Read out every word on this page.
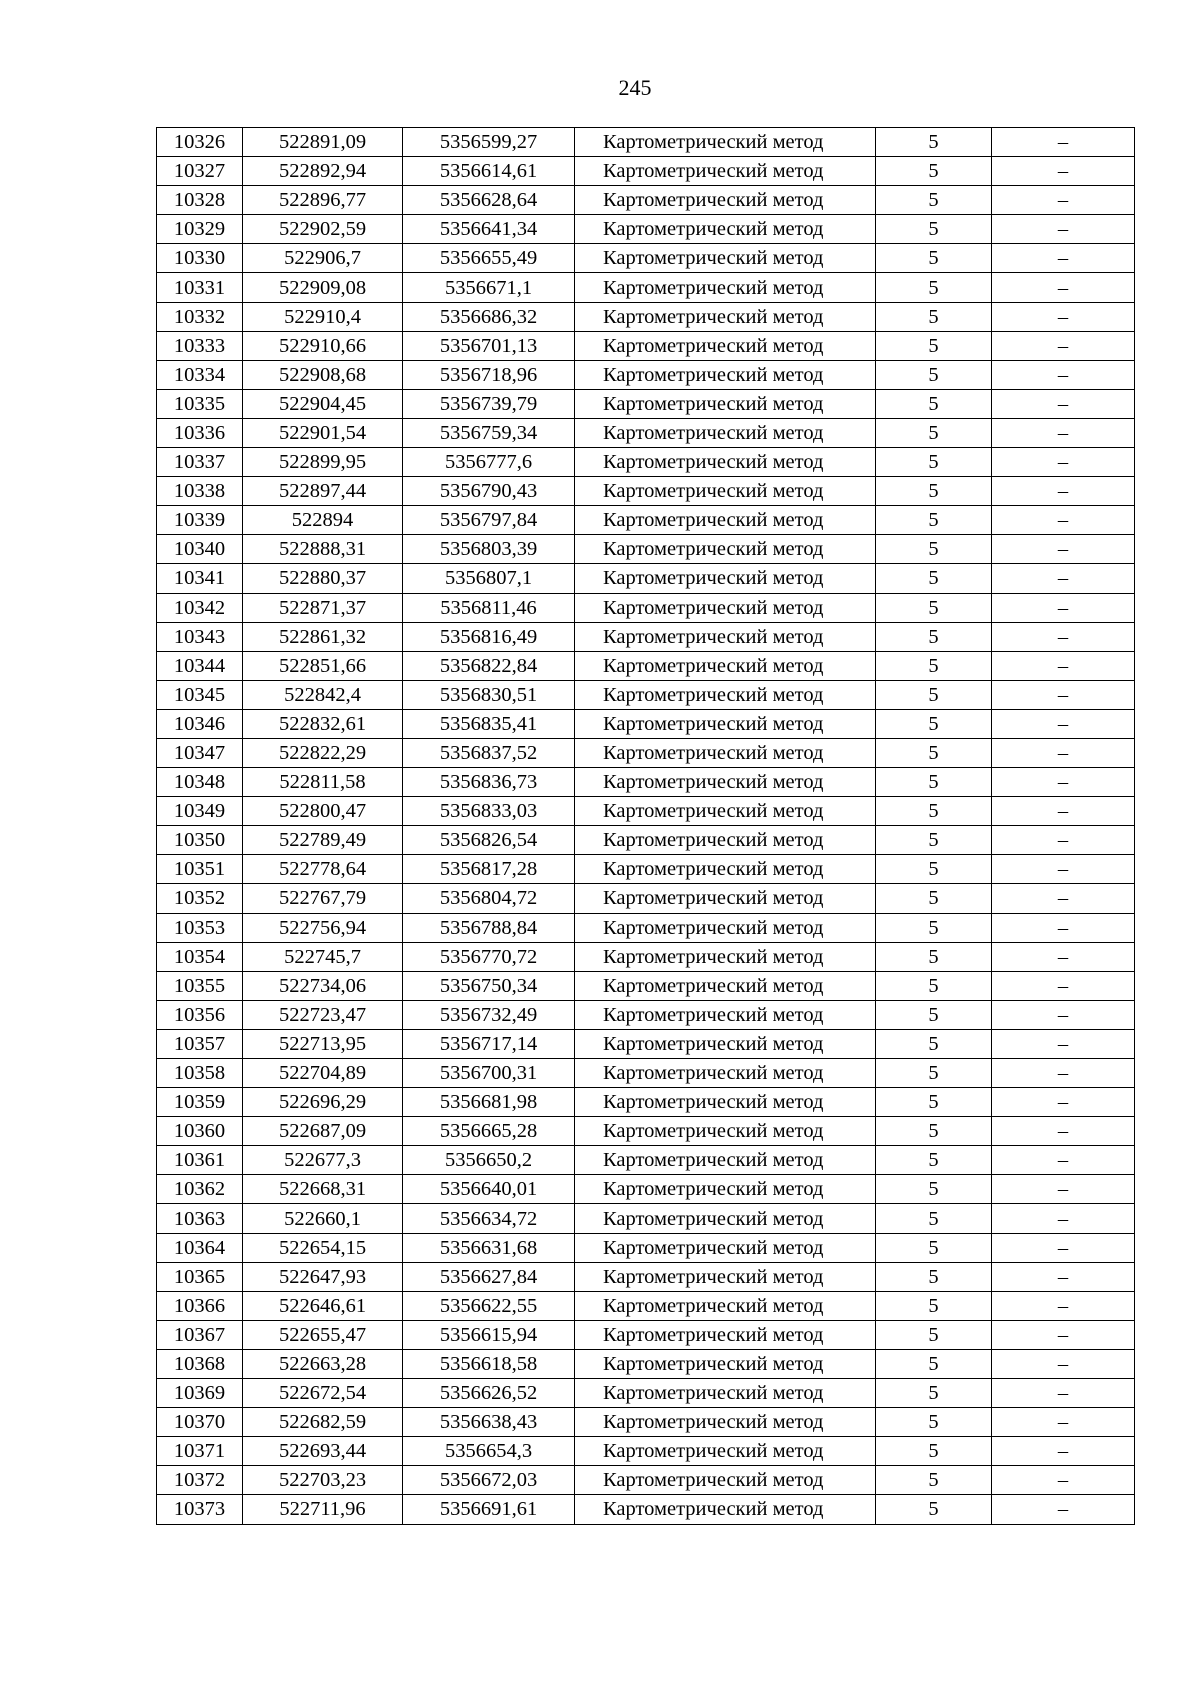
245
10326	522891,09	5356599,27	Картометрический метод	5	–
10327	522892,94	5356614,61	Картометрический метод	5	–
10328	522896,77	5356628,64	Картометрический метод	5	–
10329	522902,59	5356641,34	Картометрический метод	5	–
10330	522906,7	5356655,49	Картометрический метод	5	–
10331	522909,08	5356671,1	Картометрический метод	5	–
10332	522910,4	5356686,32	Картометрический метод	5	–
10333	522910,66	5356701,13	Картометрический метод	5	–
10334	522908,68	5356718,96	Картометрический метод	5	–
10335	522904,45	5356739,79	Картометрический метод	5	–
10336	522901,54	5356759,34	Картометрический метод	5	–
10337	522899,95	5356777,6	Картометрический метод	5	–
10338	522897,44	5356790,43	Картометрический метод	5	–
10339	522894	5356797,84	Картометрический метод	5	–
10340	522888,31	5356803,39	Картометрический метод	5	–
10341	522880,37	5356807,1	Картометрический метод	5	–
10342	522871,37	5356811,46	Картометрический метод	5	–
10343	522861,32	5356816,49	Картометрический метод	5	–
10344	522851,66	5356822,84	Картометрический метод	5	–
10345	522842,4	5356830,51	Картометрический метод	5	–
10346	522832,61	5356835,41	Картометрический метод	5	–
10347	522822,29	5356837,52	Картометрический метод	5	–
10348	522811,58	5356836,73	Картометрический метод	5	–
10349	522800,47	5356833,03	Картометрический метод	5	–
10350	522789,49	5356826,54	Картометрический метод	5	–
10351	522778,64	5356817,28	Картометрический метод	5	–
10352	522767,79	5356804,72	Картометрический метод	5	–
10353	522756,94	5356788,84	Картометрический метод	5	–
10354	522745,7	5356770,72	Картометрический метод	5	–
10355	522734,06	5356750,34	Картометрический метод	5	–
10356	522723,47	5356732,49	Картометрический метод	5	–
10357	522713,95	5356717,14	Картометрический метод	5	–
10358	522704,89	5356700,31	Картометрический метод	5	–
10359	522696,29	5356681,98	Картометрический метод	5	–
10360	522687,09	5356665,28	Картометрический метод	5	–
10361	522677,3	5356650,2	Картометрический метод	5	–
10362	522668,31	5356640,01	Картометрический метод	5	–
10363	522660,1	5356634,72	Картометрический метод	5	–
10364	522654,15	5356631,68	Картометрический метод	5	–
10365	522647,93	5356627,84	Картометрический метод	5	–
10366	522646,61	5356622,55	Картометрический метод	5	–
10367	522655,47	5356615,94	Картометрический метод	5	–
10368	522663,28	5356618,58	Картометрический метод	5	–
10369	522672,54	5356626,52	Картометрический метод	5	–
10370	522682,59	5356638,43	Картометрический метод	5	–
10371	522693,44	5356654,3	Картометрический метод	5	–
10372	522703,23	5356672,03	Картометрический метод	5	–
10373	522711,96	5356691,61	Картометрический метод	5	–
